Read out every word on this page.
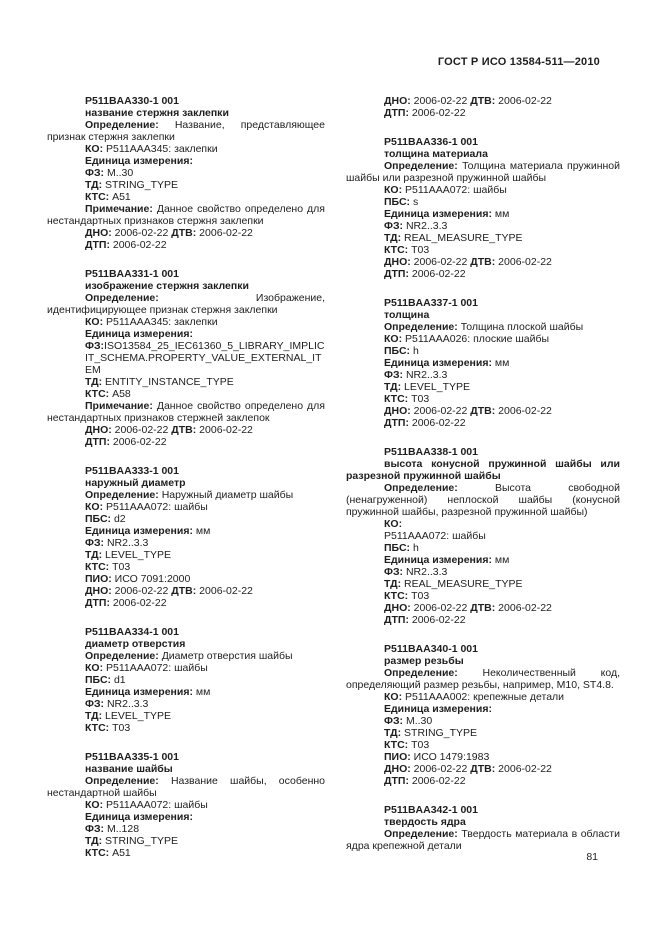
ГОСТ Р ИСО 13584-511—2010

P511BAA330-1 001

название стержня заклепки

Определение: Название, представляющее признак стержня заклепки

КО: P511AAA345: заклепки

Единица измерения:

ФЗ: M..30

ТД: STRING_TYPE

КТС: A51

Примечание: Данное свойство определено для нестандартных признаков стержня заклепки

ДНО: 2006-02-22 ДТВ: 2006-02-22

ДТП: 2006-02-22

P511BAA331-1 001

изображение стержня заклепки

Определение: Изображение, идентифицирующее признак стержня заклепки

КО: P511AAA345: заклепки

Единица измерения:

ФЗ:ISO13584_25_IEC61360_5_LIBRARY_IMPLICIT_SCHEMA.PROPERTY_VALUE_EXTERNAL_ITEM

ТД: ENTITY_INSTANCE_TYPE

КТС: A58

Примечание: Данное свойство определено для нестандартных признаков стержней заклепок

ДНО: 2006-02-22 ДТВ: 2006-02-22

ДТП: 2006-02-22

P511BAA333-1 001

наружный диаметр

Определение: Наружный диаметр шайбы

КО: P511AAA072: шайбы

ПБС: d2

Единица измерения: мм

ФЗ: NR2..3.3

ТД: LEVEL_TYPE

КТС: T03

ПИО: ИСО 7091:2000

ДНО: 2006-02-22 ДТВ: 2006-02-22

ДТП: 2006-02-22

P511BAA334-1 001

диаметр отверстия

Определение: Диаметр отверстия шайбы

КО: P511AAA072: шайбы

ПБС: d1

Единица измерения: мм

ФЗ: NR2..3.3

ТД: LEVEL_TYPE

КТС: T03

P511BAA335-1 001

название шайбы

Определение: Название шайбы, особенно нестандартной шайбы

КО: P511AAA072: шайбы

Единица измерения:

ФЗ: M..128

ТД: STRING_TYPE

КТС: A51

ДНО: 2006-02-22 ДТВ: 2006-02-22

ДТП: 2006-02-22

P511BAA336-1 001

толщина материала

Определение: Толщина материала пружинной шайбы или разрезной пружинной шайбы

КО: P511AAA072: шайбы

ПБС: s

Единица измерения: мм

ФЗ: NR2..3.3

ТД: REAL_MEASURE_TYPE

КТС: T03

ДНО: 2006-02-22 ДТВ: 2006-02-22

ДТП: 2006-02-22

P511BAA337-1 001

толщина

Определение: Толщина плоской шайбы

КО: P511AAA026: плоские шайбы

ПБС: h

Единица измерения: мм

ФЗ: NR2..3.3

ТД: LEVEL_TYPE

КТС: T03

ДНО: 2006-02-22 ДТВ: 2006-02-22

ДТП: 2006-02-22

P511BAA338-1 001

высота конусной пружинной шайбы или разрезной пружинной шайбы

Определение: Высота свободной (ненагруженной) неплоской шайбы (конусной пружинной шайбы, разрезной пружинной шайбы)

КО:

P511AAA072: шайбы

ПБС: h

Единица измерения: мм

ФЗ: NR2..3.3

ТД: REAL_MEASURE_TYPE

КТС: T03

ДНО: 2006-02-22 ДТВ: 2006-02-22

ДТП: 2006-02-22

P511BAA340-1 001

размер резьбы

Определение: Неколичественный код, определяющий размер резьбы, например, M10, ST4.8.

КО: P511AAA002: крепежные детали

Единица измерения:

ФЗ: M..30

ТД: STRING_TYPE

КТС: T03

ПИО: ИСО 1479:1983

ДНО: 2006-02-22 ДТВ: 2006-02-22

ДТП: 2006-02-22

P511BAA342-1 001

твердость ядра

Определение: Твердость материала в области ядра крепежной детали

81
